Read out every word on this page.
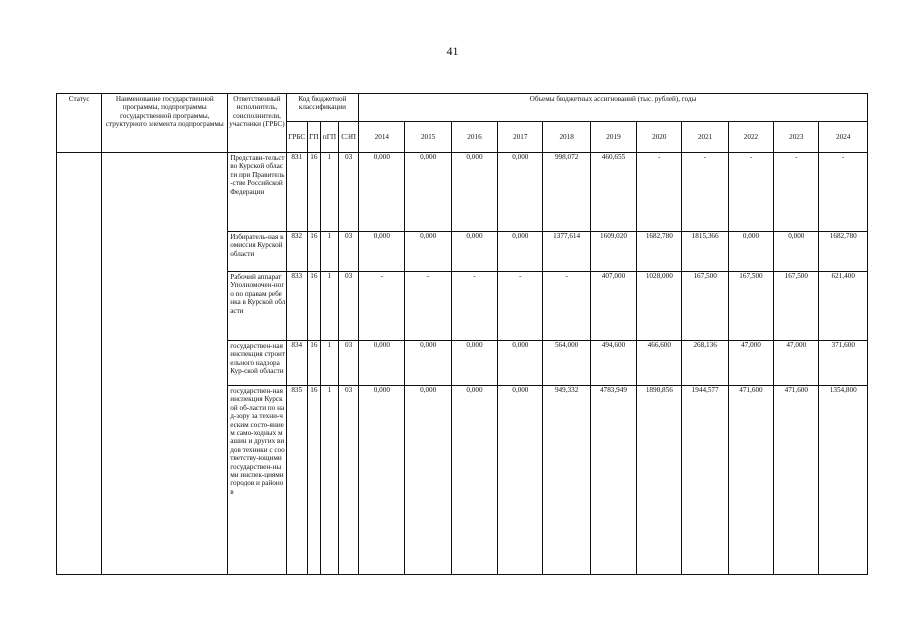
41
Статус	Наименование государственной программы, подпрограммы государственной программы, структурного элемента подпрограммы	Ответственный исполнитель, соисполнители, участники (ГРБС)	Код бюджетной классификации				Объемы бюджетных ассигнований (тыс. рублей), годы										
			ГРБС	ГП	пГП	СЭП	2014	2015	2016	2017	2018	2019	2020	2021	2022	2023	2024
		Представи-тельство Курской области при Правитель-стве Российской Федерации	831	16	1	03	0,000	0,000	0,000	0,000	998,072	460,655	-	-	-	-	-
		Избиратель-ная комиссия Курской области	832	16	1	03	0,000	0,000	0,000	0,000	1377,614	1609,020	1682,780	1815,366	0,000	0,000	1682,780
		Рабочий аппарат Уполномочен-ного по правам ребенка в Курской области	833	16	1	03	-	-	-	-	-	407,000	1028,000	167,500	167,500	167,500	621,400
		государствен-ная инспекция строительного надзора Кур-ской области	834	16	1	03	0,000	0,000	0,000	0,000	564,000	494,600	466,600	268,136	47,000	47,000	371,600
		государствен-ная инспекция Курской об-ласти по над-зору за техни-ческим состо-янием само-ходных машин и других видов техники с соответству-ющими государствен-ными инспек-циями городов и районов	835	16	1	03	0,000	0,000	0,000	0,000	949,332	4783,949	1890,856	1944,577	471,600	471,600	1354,800
